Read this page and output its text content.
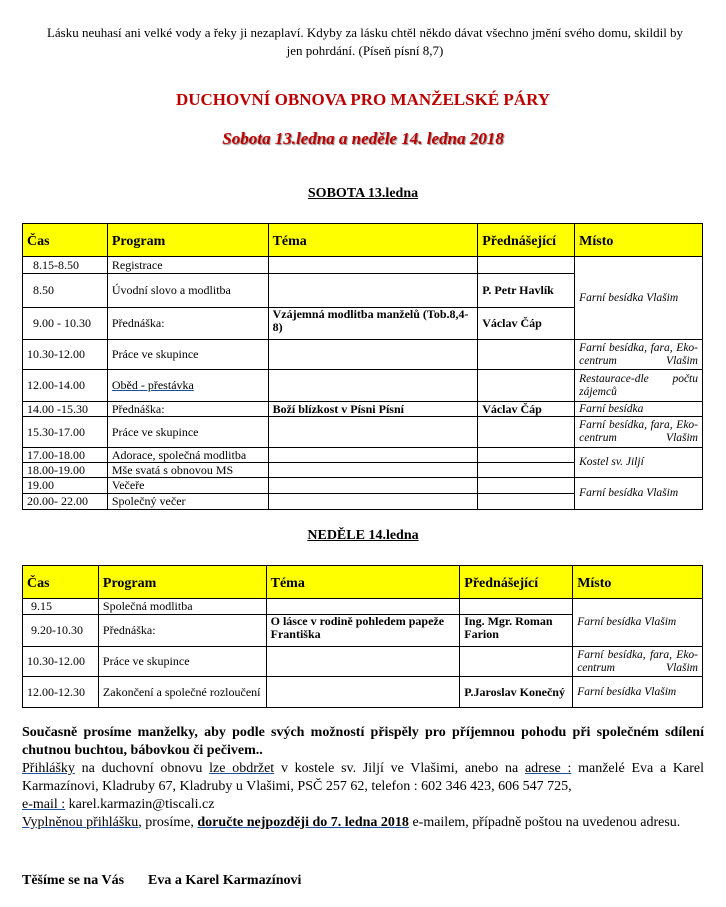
Lásku neuhasí ani velké vody a řeky ji nezaplaví. Kdyby za lásku chtěl někdo dávat všechno jmění svého domu, skildil by jen pohrdání. (Píseň písní 8,7)
DUCHOVNÍ OBNOVA PRO MANŽELSKÉ PÁRY
Sobota 13.ledna a neděle 14. ledna 2018
SOBOTA 13.ledna
Čas	Program	Téma	Přednášející	Místo
8.15-8.50	Registrace			Farní besídka Vlašim
8.50	Úvodní slovo a modlitba		P. Petr Havlík	
9.00 - 10.30	Přednáška:	Vzájemná modlitba manželů (Tob.8,4-8)	Václav Čáp	
10.30-12.00	Práce ve skupince			Farní besídka, fara, Eko-centrum Vlašim
12.00-14.00	Oběd - přestávka			Restaurace-dle počtu zájemců
14.00 -15.30	Přednáška:	Boží blízkost v Písni Písní	Václav Čáp	Farní besídka
15.30-17.00	Práce ve skupince			Farní besídka, fara, Eko-centrum Vlašim
17.00-18.00	Adorace, společná modlitba			Kostel sv. Jiljí
18.00-19.00	Mše svatá s obnovou MS			
19.00	Večeře			Farní besídka Vlašim
20.00- 22.00	Společný večer			
NEDĚLE 14.ledna
Čas	Program	Téma	Přednášející	Místo
9.15	Společná modlitba			Farní besídka Vlašim
9.20-10.30	Přednáška:	O lásce v rodině pohledem papeže Františka	Ing. Mgr. Roman Farion	
10.30-12.00	Práce ve skupince			Farní besídka, fara, Eko-centrum Vlašim
12.00-12.30	Zakončení a společné rozloučení		P.Jaroslav Konečný	Farní besídka Vlašim

Současně prosíme manželky, aby podle svých možností přispěly pro příjemnou pohodu při společném sdílení chutnou buchtou, bábovkou či pečivem..

Přihlášky na duchovní obnovu lze obdržet v kostele sv. Jiljí ve Vlašimi, anebo na adrese : manželé Eva a Karel Karmazínovi, Kladruby 67, Kladruby u Vlašimi, PSČ 257 62, telefon : 602 346 423, 606 547 725,

e-mail : karel.karmazin@tiscali.cz

Vyplněnou přihlášku, prosíme, doručte nejpozději do 7. ledna 2018 e-mailem, případně poštou na uvedenou adresu.

Těšíme se na Vás Eva a Karel Karmazínovi
